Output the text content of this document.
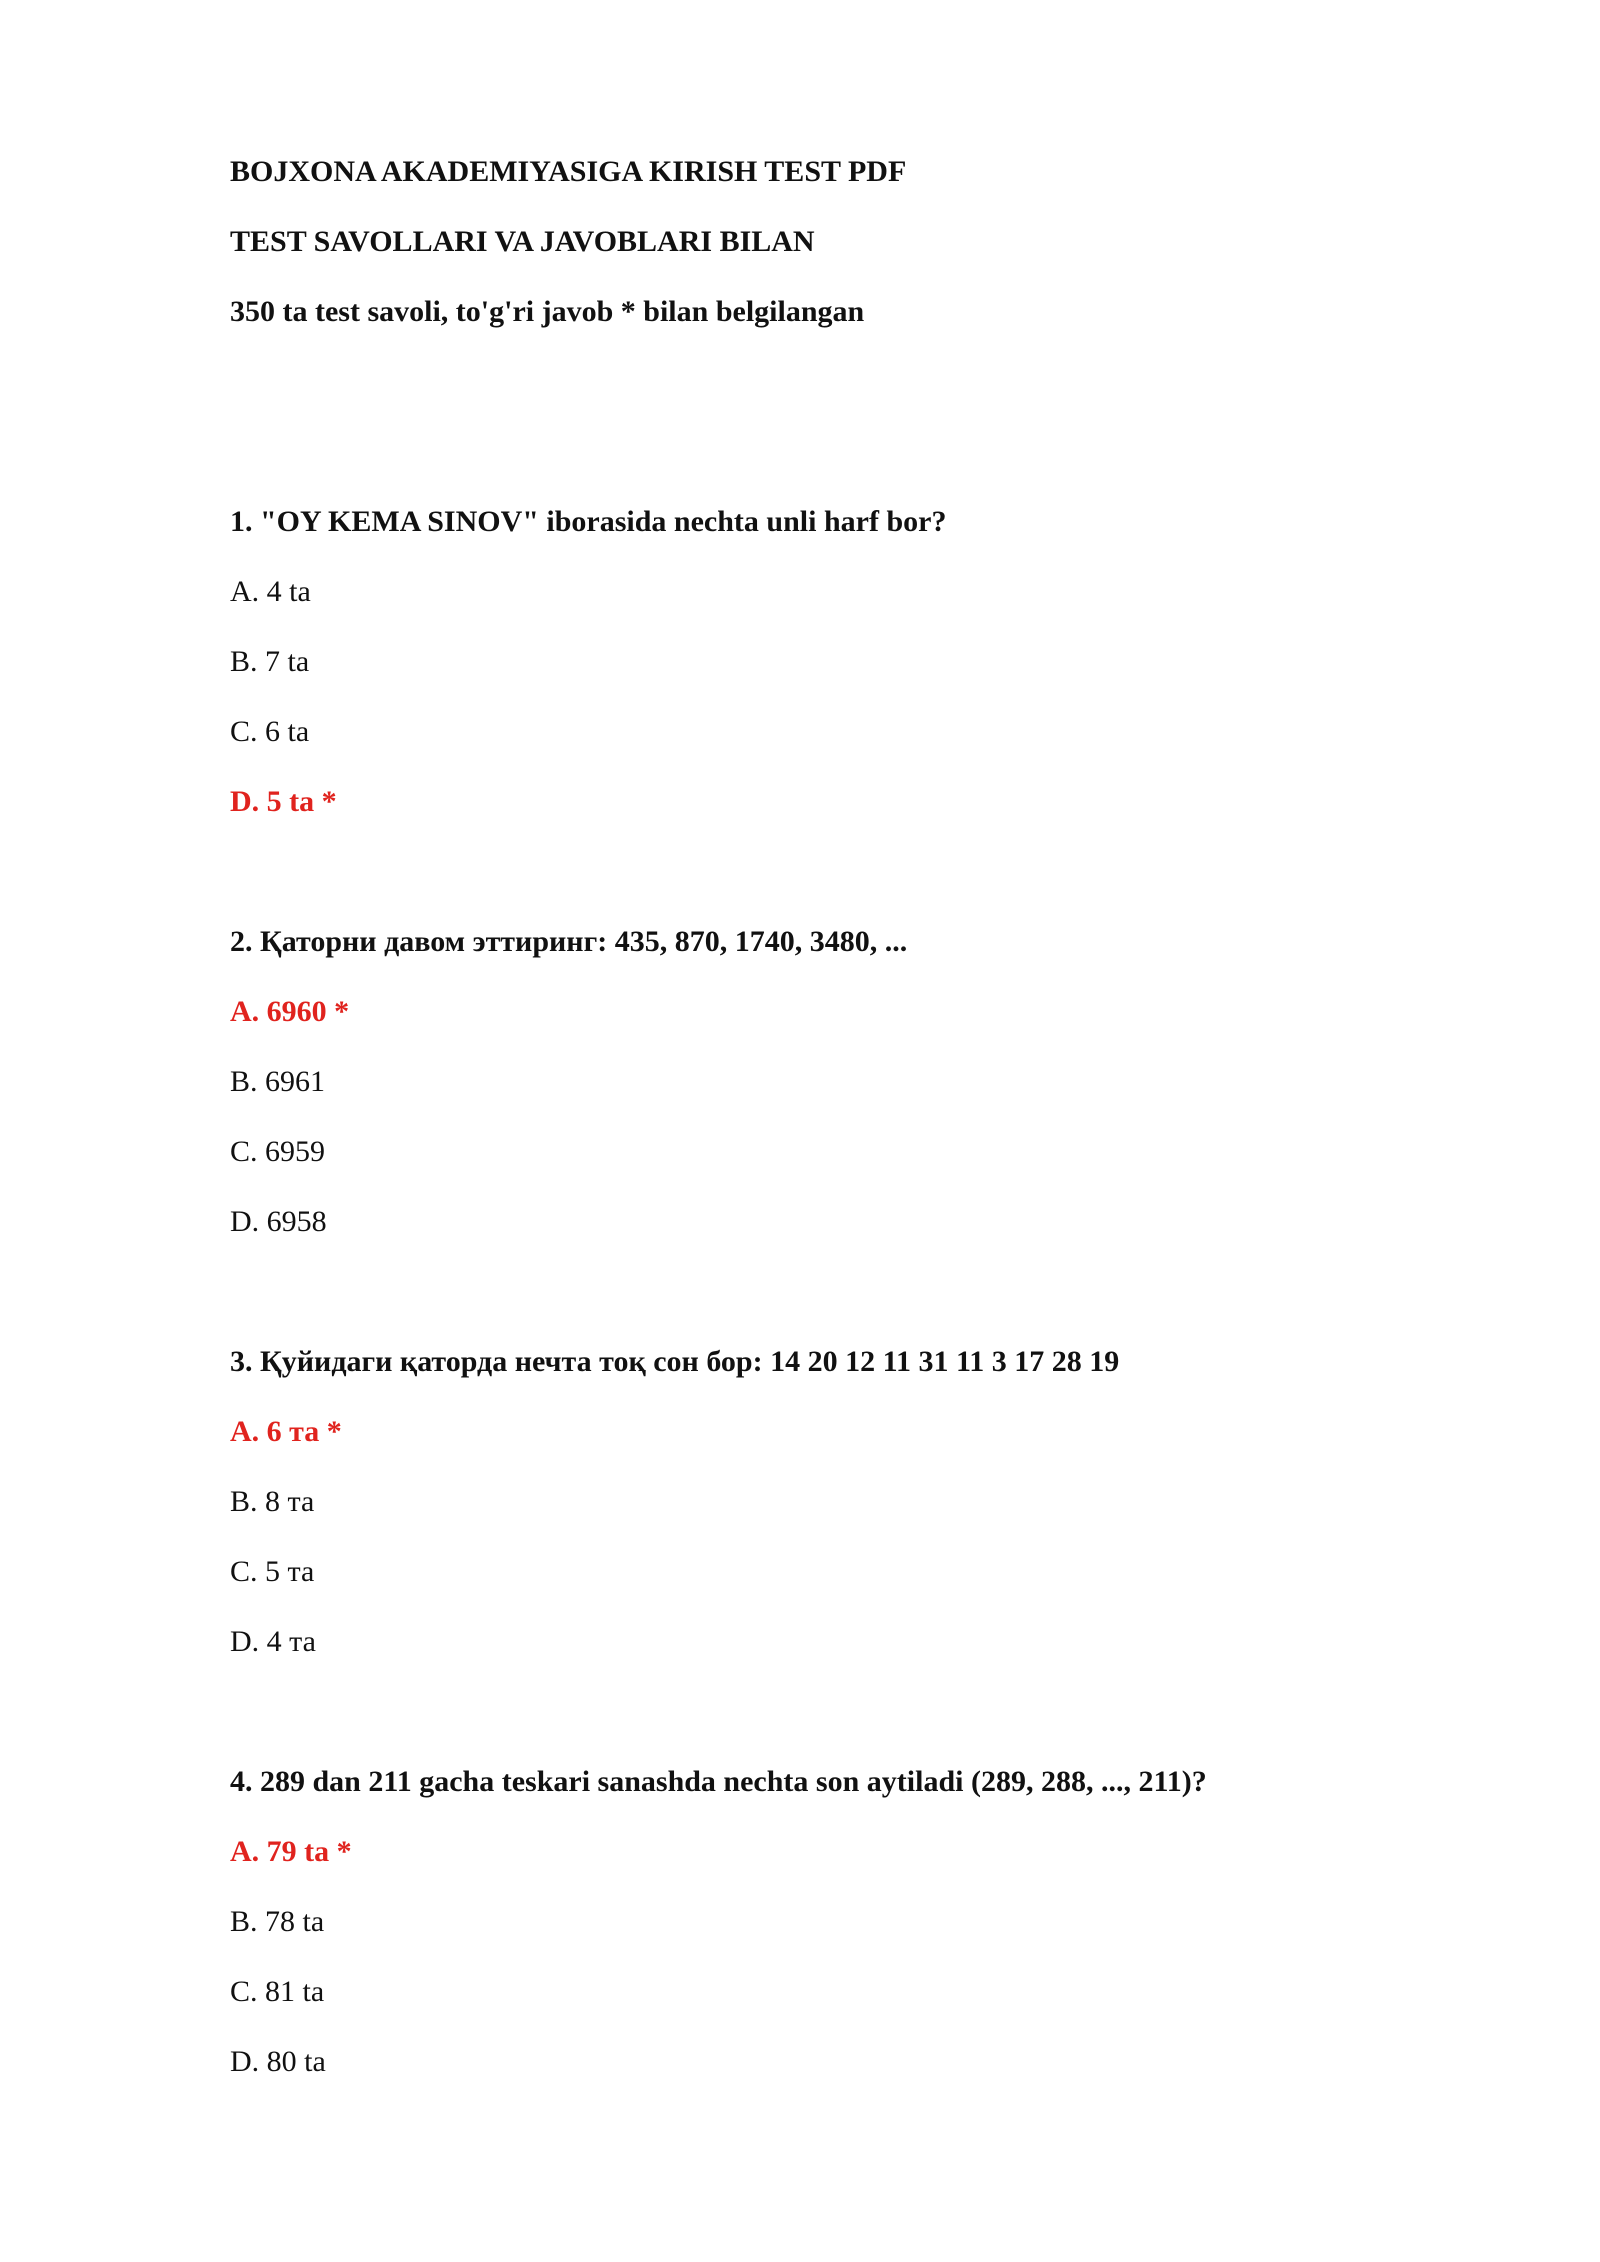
BOJXONA AKADEMIYASIGA KIRISH TEST PDF
TEST SAVOLLARI VA JAVOBLARI BILAN
350 ta test savoli, to'g'ri javob * bilan belgilangan
1. "OY KEMA SINOV" iborasida nechta unli harf bor?
A. 4 ta
B. 7 ta
C. 6 ta
D. 5 ta *
2. Қаторни давом эттиринг: 435, 870, 1740, 3480, ...
A. 6960 *
B. 6961
C. 6959
D. 6958
3. Қуйидаги қаторда нечта тоқ сон бор: 14 20 12 11 31 11 3 17 28 19
A. 6 та *
B. 8 та
C. 5 та
D. 4 та
4. 289 dan 211 gacha teskari sanashda nechta son aytiladi (289, 288, ..., 211)?
A. 79 ta *
B. 78 ta
C. 81 ta
D. 80 ta
